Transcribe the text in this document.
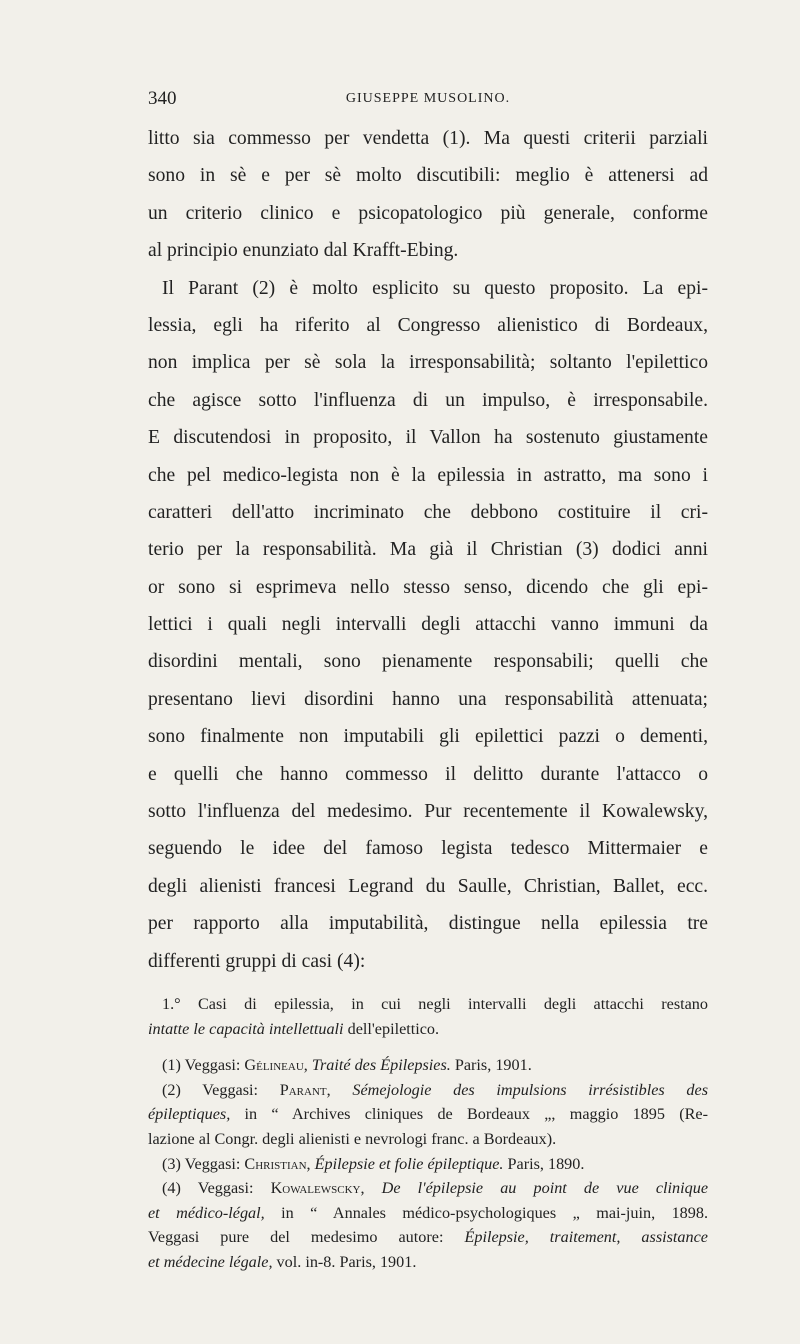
340	GIUSEPPE MUSOLINO.
litto sia commesso per vendetta (1). Ma questi criterii parziali
sono in sè e per sè molto discutibili: meglio è attenersi ad
un criterio clinico e psicopatologico più generale, conforme
al principio enunziato dal Krafft-Ebing.
Il Parant (2) è molto esplicito su questo proposito. La epi-
lessia, egli ha riferito al Congresso alienistico di Bordeaux,
non implica per sè sola la irresponsabilità; soltanto l'epilettico
che agisce sotto l'influenza di un impulso, è irresponsabile.
E discutendosi in proposito, il Vallon ha sostenuto giustamente
che pel medico-legista non è la epilessia in astratto, ma sono i
caratteri dell'atto incriminato che debbono costituire il cri-
terio per la responsabilità. Ma già il Christian (3) dodici anni
or sono si esprimeva nello stesso senso, dicendo che gli epi-
lettici i quali negli intervalli degli attacchi vanno immuni da
disordini mentali, sono pienamente responsabili; quelli che
presentano lievi disordini hanno una responsabilità attenuata;
sono finalmente non imputabili gli epilettici pazzi o dementi,
e quelli che hanno commesso il delitto durante l'attacco o
sotto l'influenza del medesimo. Pur recentemente il Kowalewsky,
seguendo le idee del famoso legista tedesco Mittermaier e
degli alienisti francesi Legrand du Saulle, Christian, Ballet, ecc.
per rapporto alla imputabilità, distingue nella epilessia tre
differenti gruppi di casi (4):
1.° Casi di epilessia, in cui negli intervalli degli attacchi restano
intatte le capacità intellettuali dell'epilettico.
(1) Veggasi: Gélineau, Traité des Épilepsies. Paris, 1901.
(2) Veggasi: Parant, Sémejologie des impulsions irrésistibles des
épileptiques, in “ Archives cliniques de Bordeaux „, maggio 1895 (Re-
lazione al Congr. degli alienisti e nevrologi franc. a Bordeaux).
(3) Veggasi: Christian, Épilepsie et folie épileptique. Paris, 1890.
(4) Veggasi: Kowalewscky, De l'épilepsie au point de vue clinique
et médico-légal, in “ Annales médico-psychologiques „ mai-juin, 1898.
Veggasi pure del medesimo autore: Épilepsie, traitement, assistance
et médecine légale, vol. in-8. Paris, 1901.
